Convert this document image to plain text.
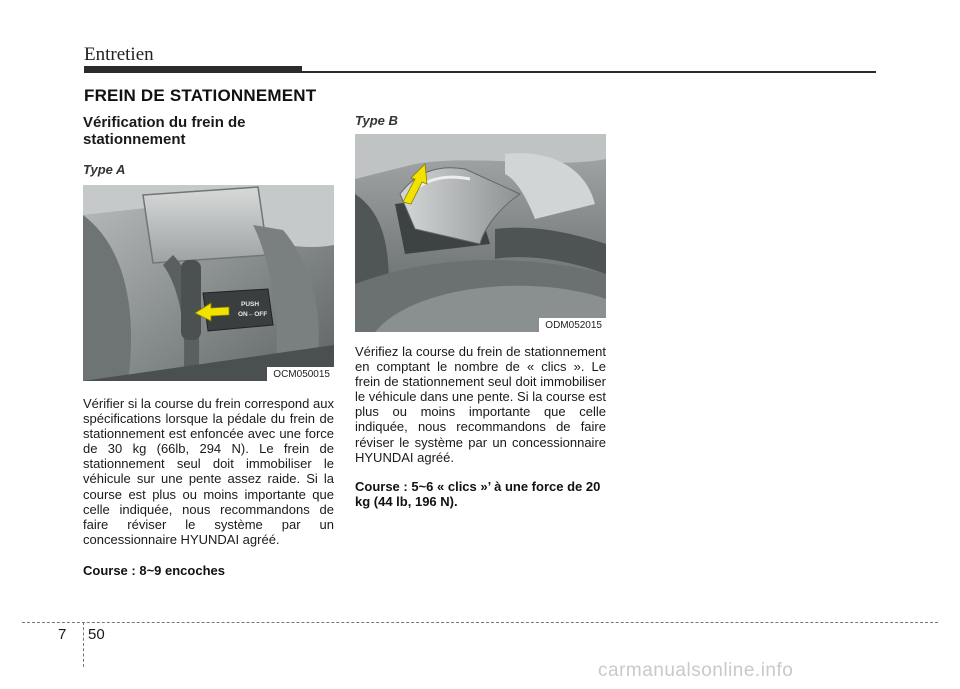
Entretien
FREIN DE STATIONNEMENT
Vérification du frein de stationnement

Type A

PUSH
ON←OFF
OCM050015

Vérifier si la course du frein correspond aux spécifications lorsque la pédale du frein de stationnement est enfoncée avec une force de 30 kg (66lb, 294 N). Le frein de stationnement seul doit immobiliser le véhicule sur une pente assez raide. Si la course est plus ou moins importante que celle indiquée, nous recommandons de faire réviser le système par un concessionnaire HYUNDAI agréé.

Course : 8~9 encoches

Type B

ODM052015

Vérifiez la course du frein de stationnement en comptant le nombre de « clics ». Le frein de stationnement seul doit immobiliser le véhicule dans une pente. Si la course est plus ou moins importante que celle indiquée, nous recommandons de faire réviser le système par un concessionnaire HYUNDAI agréé.

Course : 5~6 « clics »’ à une force de 20 kg (44 lb, 196 N).

7 50
carmanualsonline.info
